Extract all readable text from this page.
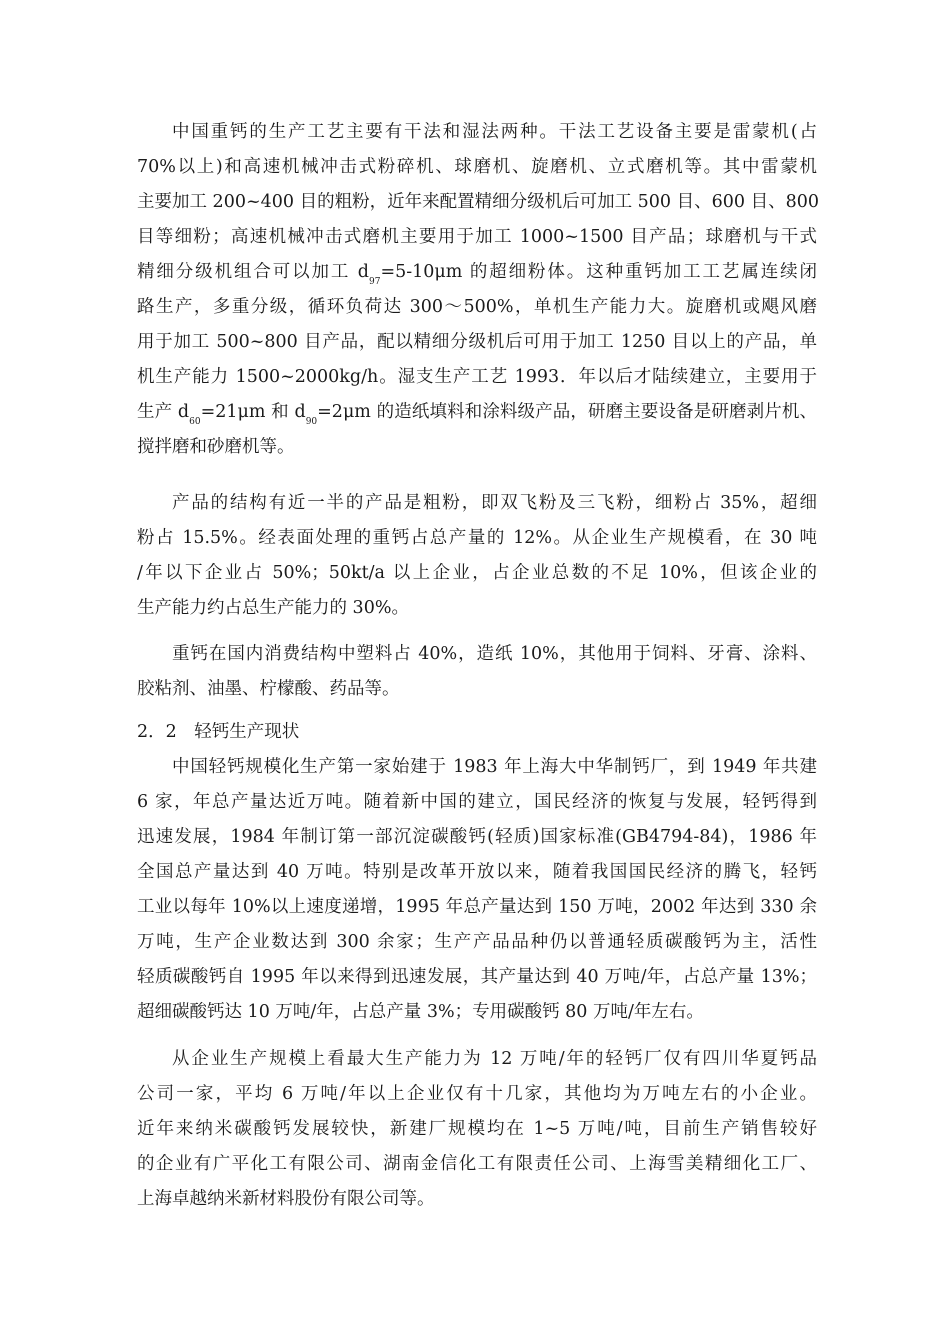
中国重钙的生产工艺主要有干法和湿法两种。干法工艺设备主要是雷蒙机(占
70%以上)和高速机械冲击式粉碎机、球磨机、旋磨机、立式磨机等。其中雷蒙机
主要加工 200~400 目的粗粉，近年来配置精细分级机后可加工 500 目、600 目、800
目等细粉；高速机械冲击式磨机主要用于加工 1000~1500 目产品；球磨机与干式
精细分级机组合可以加工 $d_{97}=5-10\mu m$ 的超细粉体。这种重钙加工工艺属连续闭
路生产，多重分级，循环负荷达 300～500%，单机生产能力大。旋磨机或飓风磨
用于加工 500~800 目产品，配以精细分级机后可用于加工 1250 目以上的产品，单
机生产能力 1500~2000kg/h。湿支生产工艺 1993．年以后才陆续建立，主要用于
生产 $d_{60}=21\mu m$ 和 $d_{90}=2\mu m$ 的造纸填料和涂料级产品，研磨主要设备是研磨剥片机、
搅拌磨和砂磨机等。
产品的结构有近一半的产品是粗粉，即双飞粉及三飞粉，细粉占 35%，超细
粉占 15.5%。经表面处理的重钙占总产量的 12%。从企业生产规模看，在 30 吨
/年以下企业占 50%；50kt/a 以上企业，占企业总数的不足 10%，但该企业的
生产能力约占总生产能力的 30%。
重钙在国内消费结构中塑料占 40%，造纸 10%，其他用于饲料、牙膏、涂料、
胶粘剂、油墨、柠檬酸、药品等。
2．2　轻钙生产现状
中国轻钙规模化生产第一家始建于 1983 年上海大中华制钙厂，到 1949 年共建
6 家，年总产量达近万吨。随着新中国的建立，国民经济的恢复与发展，轻钙得到
迅速发展，1984 年制订第一部沉淀碳酸钙(轻质)国家标准(GB4794-84)，1986 年
全国总产量达到 40 万吨。特别是改革开放以来，随着我国国民经济的腾飞，轻钙
工业以每年 10%以上速度递增，1995 年总产量达到 150 万吨，2002 年达到 330 余
万吨，生产企业数达到 300 余家；生产产品品种仍以普通轻质碳酸钙为主，活性
轻质碳酸钙自 1995 年以来得到迅速发展，其产量达到 40 万吨/年，占总产量 13%；
超细碳酸钙达 10 万吨/年，占总产量 3%；专用碳酸钙 80 万吨/年左右。
从企业生产规模上看最大生产能力为 12 万吨/年的轻钙厂仅有四川华夏钙品
公司一家，平均 6 万吨/年以上企业仅有十几家，其他均为万吨左右的小企业。
近年来纳米碳酸钙发展较快，新建厂规模均在 1~5 万吨/吨，目前生产销售较好
的企业有广平化工有限公司、湖南金信化工有限责任公司、上海雪美精细化工厂、
上海卓越纳米新材料股份有限公司等。
